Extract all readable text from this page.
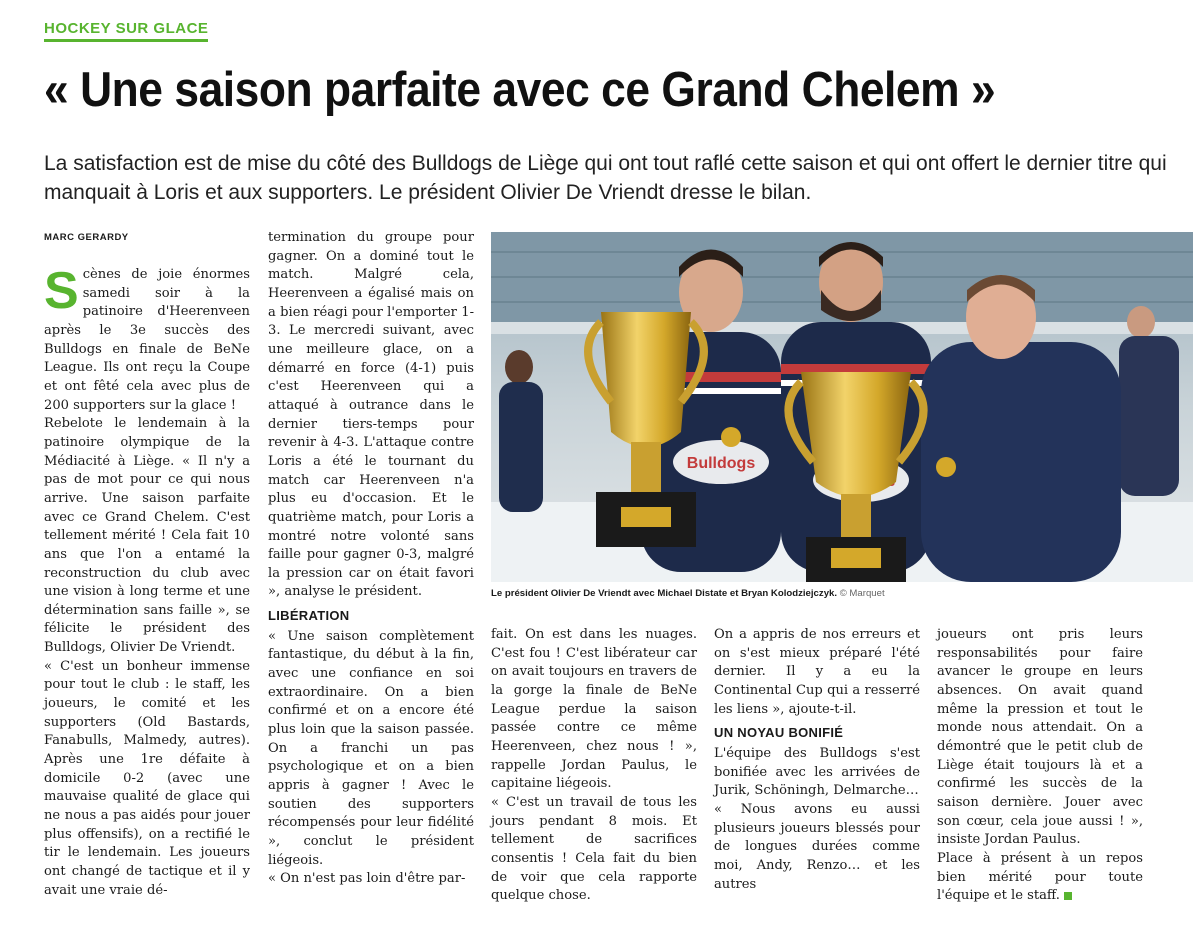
HOCKEY SUR GLACE
« Une saison parfaite avec ce Grand Chelem »
La satisfaction est de mise du côté des Bulldogs de Liège qui ont tout raflé cette saison et qui ont offert le dernier titre qui manquait à Loris et aux supporters. Le président Olivier De Vriendt dresse le bilan.
MARC GERARDY
S cènes de joie énormes samedi soir à la patinoire d'Heerenveen après le 3e succès des Bulldogs en finale de BeNe League. Ils ont reçu la Coupe et ont fêté cela avec plus de 200 supporters sur la glace !

Rebelote le lendemain à la patinoire olympique de la Médiacité à Liège. « Il n'y a pas de mot pour ce qui nous arrive. Une saison parfaite avec ce Grand Chelem. C'est tellement mérité ! Cela fait 10 ans que l'on a entamé la reconstruction du club avec une vision à long terme et une détermination sans faille », se félicite le président des Bulldogs, Olivier De Vriendt.

« C'est un bonheur immense pour tout le club : le staff, les joueurs, le comité et les supporters (Old Bastards, Fanabulls, Malmedy, autres). Après une 1re défaite à domicile 0-2 (avec une mauvaise qualité de glace qui ne nous a pas aidés pour jouer plus offensifs), on a rectifié le tir le lendemain. Les joueurs ont changé de tactique et il y avait une vraie dé-

termination du groupe pour gagner. On a dominé tout le match. Malgré cela, Heerenveen a égalisé mais on a bien réagi pour l'emporter 1-3. Le mercredi suivant, avec une meilleure glace, on a démarré en force (4-1) puis c'est Heerenveen qui a attaqué à outrance dans le dernier tiers-temps pour revenir à 4-3. L'attaque contre Loris a été le tournant du match car Heerenveen n'a plus eu d'occasion. Et le quatrième match, pour Loris a montré notre volonté sans faille pour gagner 0-3, malgré la pression car on était favori », analyse le président.

LIBÉRATION

« Une saison complètement fantastique, du début à la fin, avec une confiance en soi extraordinaire. On a bien confirmé et on a encore été plus loin que la saison passée. On a franchi un pas psychologique et on a bien appris à gagner ! Avec le soutien des supporters récompensés pour leur fidélité », conclut le président liégeois.

« On n'est pas loin d'être par-

Bulldogs
Le président Olivier De Vriendt avec Michael Distate et Bryan Kolodziejczyk. © Marquet

fait. On est dans les nuages. C'est fou ! C'est libérateur car on avait toujours en travers de la gorge la finale de BeNe League perdue la saison passée contre ce même Heerenveen, chez nous ! », rappelle Jordan Paulus, le capitaine liégeois.

« C'est un travail de tous les jours pendant 8 mois. Et tellement de sacrifices consentis ! Cela fait du bien de voir que cela rapporte quelque chose.

On a appris de nos erreurs et on s'est mieux préparé l'été dernier. Il y a eu la Continental Cup qui a resserré les liens », ajoute-t-il.

UN NOYAU BONIFIÉ

L'équipe des Bulldogs s'est bonifiée avec les arrivées de Jurik, Schöningh, Delmarche…

« Nous avons eu aussi plusieurs joueurs blessés pour de longues durées comme moi, Andy, Renzo… et les autres

joueurs ont pris leurs responsabilités pour faire avancer le groupe en leurs absences. On avait quand même la pression et tout le monde nous attendait. On a démontré que le petit club de Liège était toujours là et a confirmé les succès de la saison dernière. Jouer avec son cœur, cela joue aussi ! », insiste Jordan Paulus.

Place à présent à un repos bien mérité pour toute l'équipe et le staff.
